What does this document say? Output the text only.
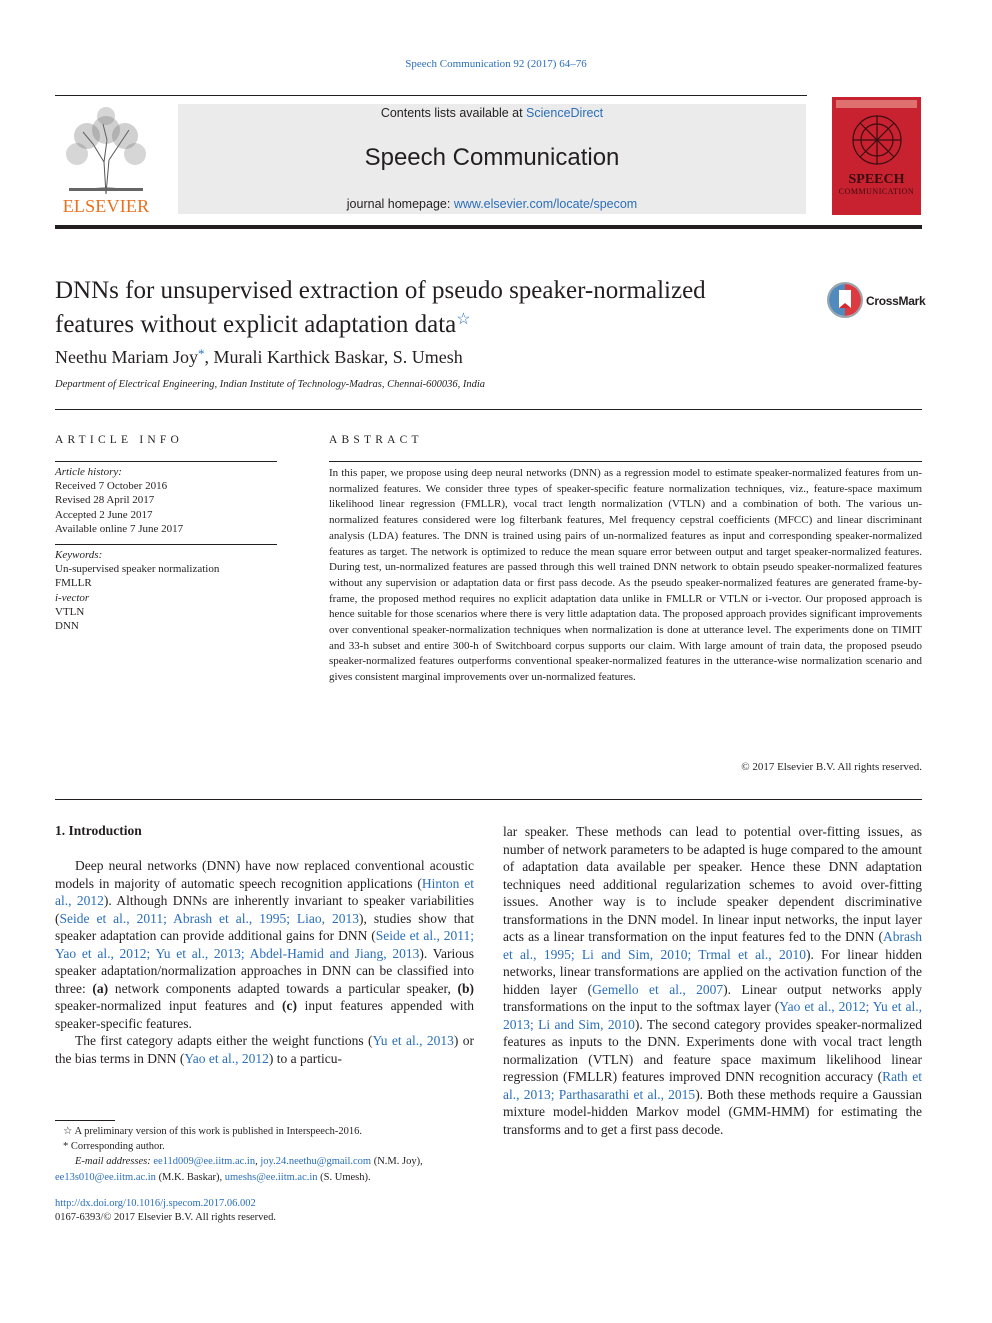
Speech Communication 92 (2017) 64–76
ELSEVIER
Contents lists available at ScienceDirect
Speech Communication
journal homepage: www.elsevier.com/locate/specom
SPEECH
COMMUNICATION
DNNs for unsupervised extraction of pseudo speaker-normalized
features without explicit adaptation data☆
CrossMark
Neethu Mariam Joy*, Murali Karthick Baskar, S. Umesh
Department of Electrical Engineering, Indian Institute of Technology-Madras, Chennai-600036, India
ARTICLE INFO
Article history:
Received 7 October 2016
Revised 28 April 2017
Accepted 2 June 2017
Available online 7 June 2017
Keywords:
Un-supervised speaker normalization
FMLLR
i-vector
VTLN
DNN
ABSTRACT
In this paper, we propose using deep neural networks (DNN) as a regression model to estimate speaker-normalized features from un-normalized features. We consider three types of speaker-specific feature normalization techniques, viz., feature-space maximum likelihood linear regression (FMLLR), vocal tract length normalization (VTLN) and a combination of both. The various un-normalized features considered were log filterbank features, Mel frequency cepstral coefficients (MFCC) and linear discriminant analysis (LDA) features. The DNN is trained using pairs of un-normalized features as input and corresponding speaker-normalized features as target. The network is optimized to reduce the mean square error between output and target speaker-normalized features. During test, un-normalized features are passed through this well trained DNN network to obtain pseudo speaker-normalized features without any supervision or adaptation data or first pass decode. As the pseudo speaker-normalized features are generated frame-by-frame, the proposed method requires no explicit adaptation data unlike in FMLLR or VTLN or i-vector. Our proposed approach is hence suitable for those scenarios where there is very little adaptation data. The proposed approach provides significant improvements over conventional speaker-normalization techniques when normalization is done at utterance level. The experiments done on TIMIT and 33-h subset and entire 300-h of Switchboard corpus supports our claim. With large amount of train data, the proposed pseudo speaker-normalized features outperforms conventional speaker-normalized features in the utterance-wise normalization scenario and gives consistent marginal improvements over un-normalized features.
© 2017 Elsevier B.V. All rights reserved.
1. Introduction

Deep neural networks (DNN) have now replaced conventional acoustic models in majority of automatic speech recognition applications (Hinton et al., 2012). Although DNNs are inherently invariant to speaker variabilities (Seide et al., 2011; Abrash et al., 1995; Liao, 2013), studies show that speaker adaptation can provide additional gains for DNN (Seide et al., 2011; Yao et al., 2012; Yu et al., 2013; Abdel-Hamid and Jiang, 2013). Various speaker adaptation/normalization approaches in DNN can be classified into three: (a) network components adapted towards a particular speaker, (b) speaker-normalized input features and (c) input features appended with speaker-specific features.

The first category adapts either the weight functions (Yu et al., 2013) or the bias terms in DNN (Yao et al., 2012) to a particu-

lar speaker. These methods can lead to potential over-fitting issues, as number of network parameters to be adapted is huge compared to the amount of adaptation data available per speaker. Hence these DNN adaptation techniques need additional regularization schemes to avoid over-fitting issues. Another way is to include speaker dependent discriminative transformations in the DNN model. In linear input networks, the input layer acts as a linear transformation on the input features fed to the DNN (Abrash et al., 1995; Li and Sim, 2010; Trmal et al., 2010). For linear hidden networks, linear transformations are applied on the activation function of the hidden layer (Gemello et al., 2007). Linear output networks apply transformations on the input to the softmax layer (Yao et al., 2012; Yu et al., 2013; Li and Sim, 2010). The second category provides speaker-normalized features as inputs to the DNN. Experiments done with vocal tract length normalization (VTLN) and feature space maximum likelihood linear regression (FMLLR) features improved DNN recognition accuracy (Rath et al., 2013; Parthasarathi et al., 2015). Both these methods require a Gaussian mixture model-hidden Markov model (GMM-HMM) for estimating the transforms and to get a first pass decode.

☆ A preliminary version of this work is published in Interspeech-2016.
* Corresponding author.
E-mail addresses: ee11d009@ee.iitm.ac.in, joy.24.neethu@gmail.com (N.M. Joy),
ee13s010@ee.iitm.ac.in (M.K. Baskar), umeshs@ee.iitm.ac.in (S. Umesh).
http://dx.doi.org/10.1016/j.specom.2017.06.002
0167-6393/© 2017 Elsevier B.V. All rights reserved.
